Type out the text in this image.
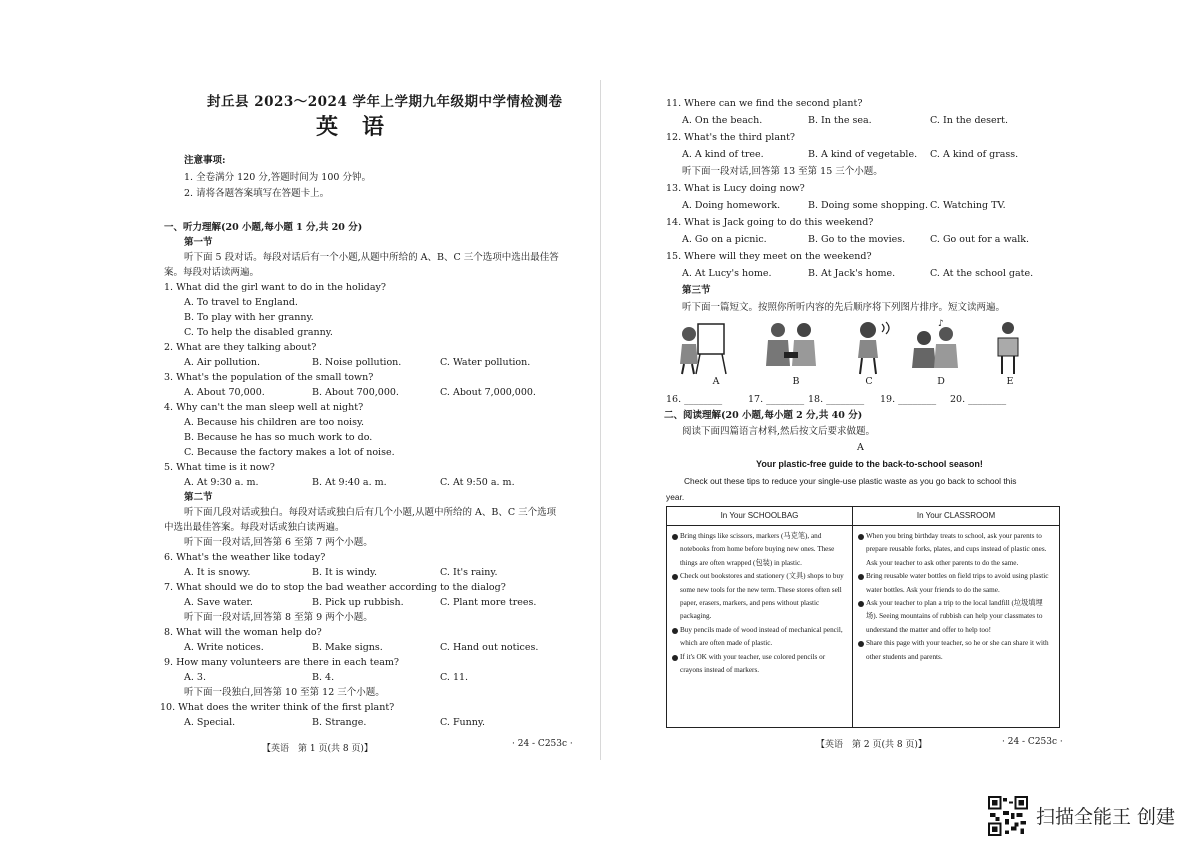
封丘县 2023～2024 学年上学期九年级期中学情检测卷
英语
注意事项:
1. 全卷满分 120 分,答题时间为 100 分钟。
2. 请将各题答案填写在答题卡上。
一、听力理解(20 小题,每小题 1 分,共 20 分)
第一节
听下面 5 段对话。每段对话后有一个小题,从题中所给的 A、B、C 三个选项中选出最佳答
案。每段对话读两遍。
1. What did the girl want to do in the holiday?
A. To travel to England.
B. To play with her granny.
C. To help the disabled granny.
2. What are they talking about?
A. Air pollution.	B. Noise pollution.	C. Water pollution.
3. What's the population of the small town?
A. About 70,000.	B. About 700,000.	C. About 7,000,000.
4. Why can't the man sleep well at night?
A. Because his children are too noisy.
B. Because he has so much work to do.
C. Because the factory makes a lot of noise.
5. What time is it now?
A. At 9:30 a. m.	B. At 9:40 a. m.	C. At 9:50 a. m.
第二节
听下面几段对话或独白。每段对话或独白后有几个小题,从题中所给的 A、B、C 三个选项
中选出最佳答案。每段对话或独白读两遍。
听下面一段对话,回答第 6 至第 7 两个小题。
6. What's the weather like today?
A. It is snowy.	B. It is windy.	C. It's rainy.
7. What should we do to stop the bad weather according to the dialog?
A. Save water.	B. Pick up rubbish.	C. Plant more trees.
听下面一段对话,回答第 8 至第 9 两个小题。
8. What will the woman help do?
A. Write notices.	B. Make signs.	C. Hand out notices.
9. How many volunteers are there in each team?
A. 3.	B. 4.	C. 11.
听下面一段独白,回答第 10 至第 12 三个小题。
10. What does the writer think of the first plant?
A. Special.	B. Strange.	C. Funny.
【英语　第 1 页(共 8 页)】	· 24 - C253c ·
11. Where can we find the second plant?
A. On the beach.	B. In the sea.	C. In the desert.
12. What's the third plant?
A. A kind of tree.	B. A kind of vegetable. C. A kind of grass.
听下面一段对话,回答第 13 至第 15 三个小题。
13. What is Lucy doing now?
A. Doing homework.	B. Doing some shopping. C. Watching TV.
14. What is Jack going to do this weekend?
A. Go on a picnic.	B. Go to the movies.	C. Go out for a walk.
15. Where will they meet on the weekend?
A. At Lucy's home.	B. At Jack's home.	C. At the school gate.
第三节
听下面一篇短文。按照你所听内容的先后顺序将下列图片排序。短文读两遍。
♪
A	B	C	D	E
16. ________	17. ________ 18. ________ 19. ________ 20. ________
二、阅读理解(20 小题,每小题 2 分,共 40 分)
阅读下面四篇语言材料,然后按文后要求做题。
A
Your plastic-free guide to the back-to-school season!
Check out these tips to reduce your single-use plastic waste as you go back to school this
year.
【英语　第 2 页(共 8 页)】	· 24 - C253c ·
In Your SCHOOLBAG
Bring things like scissors, markers (马克笔), and notebooks from home before buying new ones. These things are often wrapped (包装) in plastic.
Check out bookstores and stationery (文具) shops to buy some new tools for the new term. These stores often sell paper, erasers, markers, and pens without plastic packaging.
Buy pencils made of wood instead of mechanical pencil, which are often made of plastic.
If it's OK with your teacher, use colored pencils or crayons instead of markers.
In Your CLASSROOM
When you bring birthday treats to school, ask your parents to prepare reusable forks, plates, and cups instead of plastic ones. Ask your teacher to ask other parents to do the same.
Bring reusable water bottles on field trips to avoid using plastic water bottles. Ask your friends to do the same.
Ask your teacher to plan a trip to the local landfill (垃圾填埋场). Seeing mountains of rubbish can help your classmates to understand the matter and offer to help too!
Share this page with your teacher, so he or she can share it with other students and parents.
扫描全能王 创建
